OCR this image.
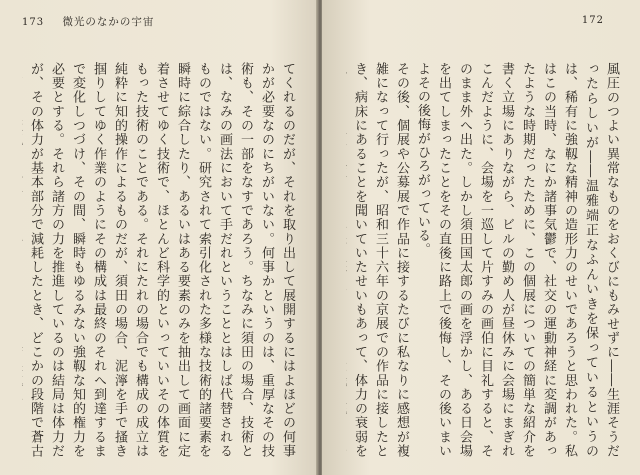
173 微光のなかの宇宙

てくれるのだが、それを取り出して展開するにはよほどの何事かが必要なのにちがいない。何事かというのは、重厚なその技術も、その一部をなすであろう。ちなみに須田の場合、技術とは、なみの画法において手だれということとはしば代替されるものではない。研究されて索引化された多様な技術的諸要素を瞬時に綜合したり、あるいはある要素のみを抽出して画面に定着させてゆく技術で、ほとんど科学的といっていいその体質をもった技術のことである。それにたれの場合でも構成の成立は純粋に知的操作によるものだが、須田の場合、泥濘を手で搔き掴りしてゆく作業のようにその構成は最終のそれへ到達するまで変化しつづけ、その間、瞬時もゆるみない強靱な知的権力を必要とする。それら諸方の力を推進しているのは結局は体力だが、その体力が基本部分で減耗したとき、どこかの段階で蒼古

172

風圧のつよい異常なものをおくびにもみせずに――生涯そうだったらしいが――温雅端正なふんいきを保っているというのは、稀有に強靱な精神の造形力のせいであろうと思われた。私はこの当時、なにか諸事気鬱で、社交の運動神経に変調があったような時期だったために、この個展についての簡単な紹介を書く立場にありながら、ビルの勤め人が昼休みに会場にまぎれこんだように、会場を一巡して片すみの画伯に目礼すると、そのまま外へ出た。しかし須田国太郎の画を浮かし、ある日会場を出てしまったことをその直後に路上で後悔し、その後いまいよその後悔がひろがっている。
その後、個展や公募展で作品に接するたびに私なりに感想が複雑になって行ったが、昭和三十六年の京展での作品に接したとき、病床にあることを聞いていたせいもあって、体力の衰弱を
